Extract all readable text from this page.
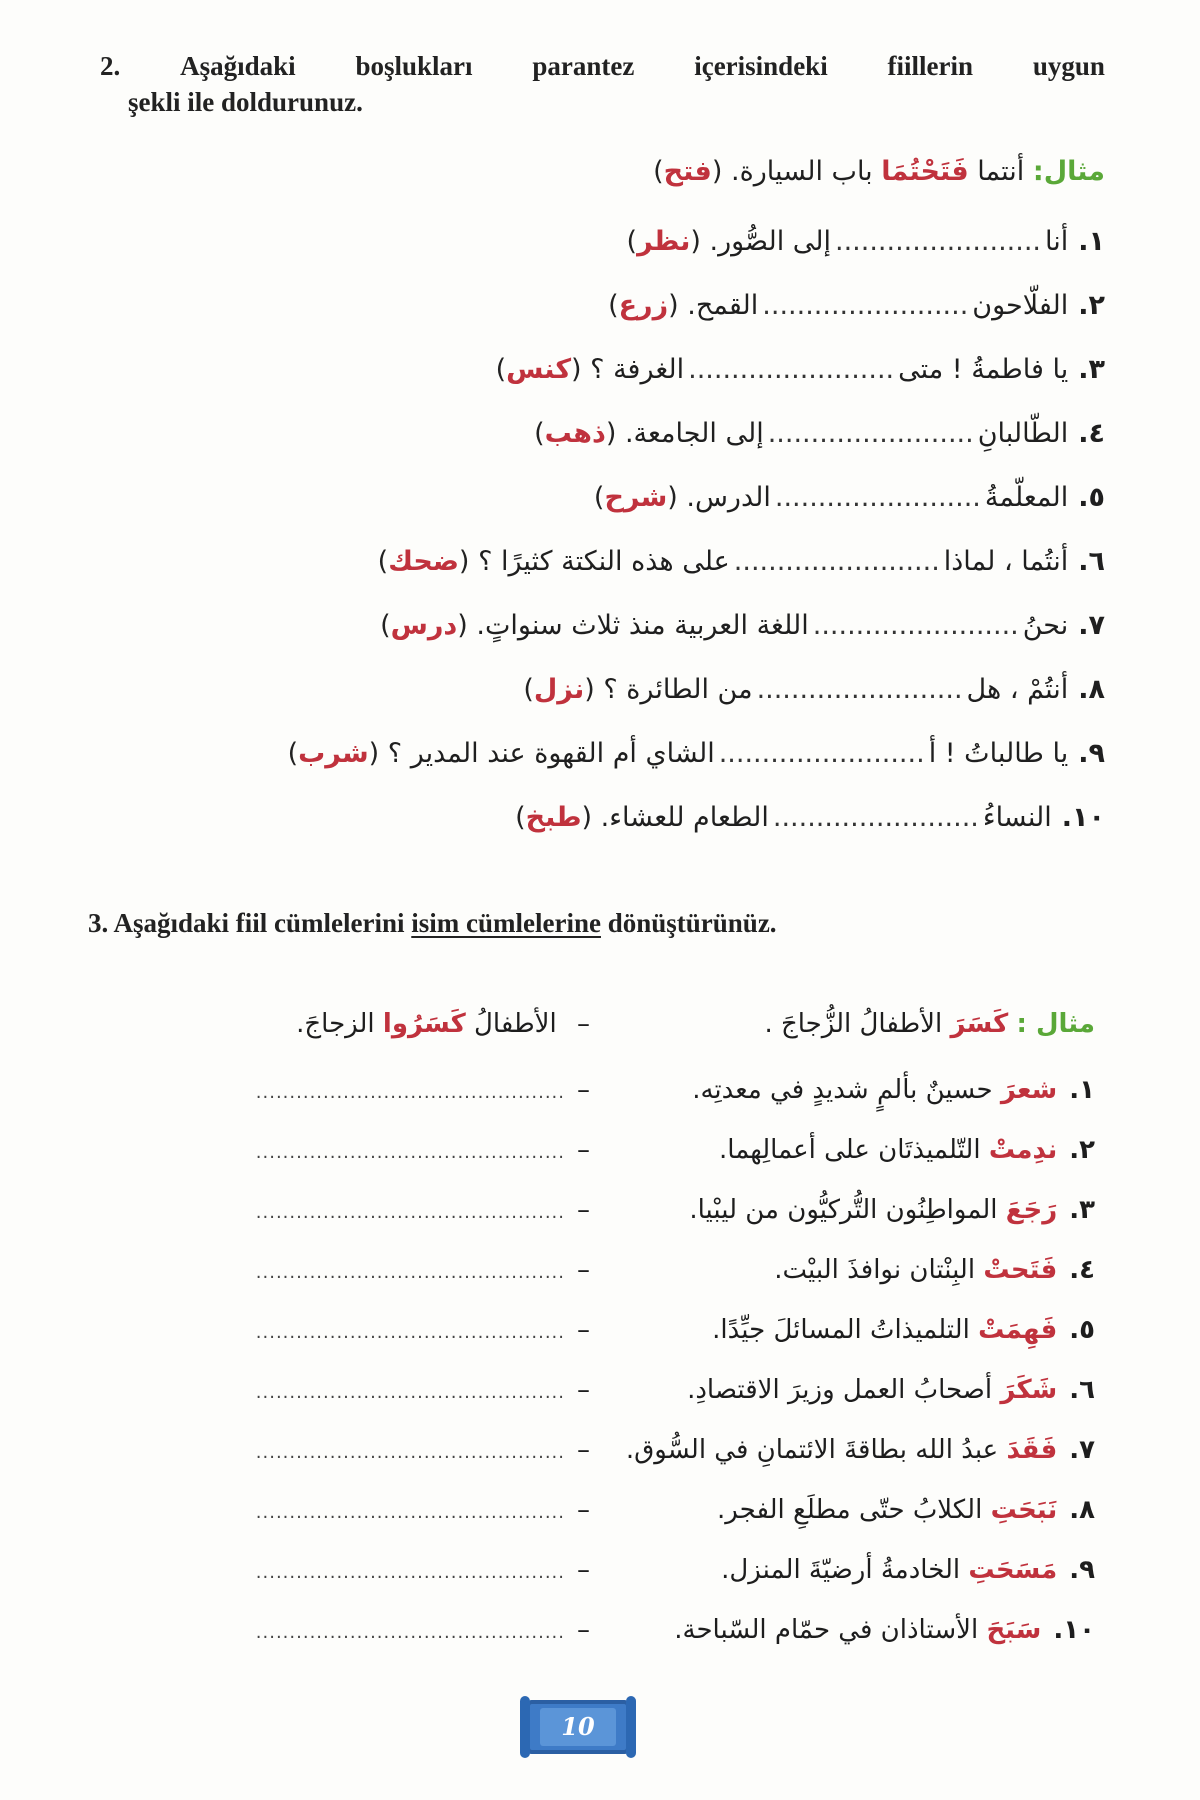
2. Aşağıdaki boşlukları parantez içerisindeki fiillerin uygun
şekli ile doldurunuz.
مثال: أنتما فَتَحْتُمَا باب السيارة. (فتح)
١.أنا........................إلى الصُّور. (نظر)
٢.الفلّاحون........................القمح. (زرع)
٣.يا فاطمةُ ! متى........................الغرفة ؟ (كنس)
٤.الطّالبانِ........................إلى الجامعة. (ذهب)
٥.المعلّمةُ........................الدرس. (شرح)
٦.أنتُما ، لماذا........................على هذه النكتة كثيرًا ؟ (ضحك)
٧.نحنُ........................اللغة العربية منذ ثلاث سنواتٍ. (درس)
٨.أنتُمْ ، هل........................من الطائرة ؟ (نزل)
٩.يا طالباتُ ! أ........................الشاي أم القهوة عند المدير ؟ (شرب)
١٠.النساءُ........................الطعام للعشاء. (طبخ)
3. Aşağıdaki fiil cümlelerini isim cümlelerine dönüştürünüz.
مثال : كَسَرَ الأطفالُ الزُّجاجَ .
– الأطفالُ كَسَرُوا الزجاجَ.
١.شعرَ حسينٌ بألمٍ شديدٍ في معدتِه.
–..............................................
٢.ندِمتْ التّلميذتَان على أعمالِهما.
–..............................................
٣.رَجَعَ المواطِنُون التُّركيُّون من ليبْيا.
–..............................................
٤.فَتَحتْ البِنْتان نوافذَ البيْت.
–..............................................
٥.فَهِمَتْ التلميذاتُ المسائلَ جيِّدًا.
–..............................................
٦.شَكَرَ أصحابُ العمل وزيرَ الاقتصادِ.
–..............................................
٧.فَقَدَ عبدُ الله بطاقةَ الائتمانِ في السُّوق.
–..............................................
٨.نَبَحَتِ الكلابُ حتّى مطلَعِ الفجر.
–..............................................
٩.مَسَحَتِ الخادمةُ أرضيّةَ المنزل.
–..............................................
١٠.سَبَحَ الأستاذان في حمّام السّباحة.
–..............................................
10
